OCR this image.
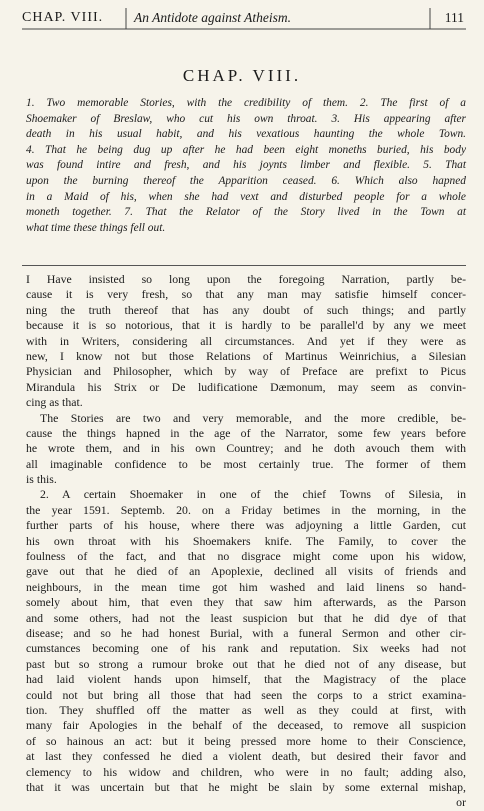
CHAP. VIII. An Antidote against Atheism.	111
CHAP. VIII.
1. Two memorable Stories, with the credibility of them. 2. The first of a
Shoemaker of Breslaw, who cut his own throat. 3. His appearing after
death in his usual habit, and his vexatious haunting the whole Town.
4. That he being dug up after he had been eight moneths buried, his body
was found intire and fresh, and his joynts limber and flexible. 5. That
upon the burning thereof the Apparition ceased. 6. Which also hapned
in a Maid of his, when she had vext and disturbed people for a whole
moneth together. 7. That the Relator of the Story lived in the Town at
what time these things fell out.
I Have insisted so long upon the foregoing Narration, partly be-
cause it is very fresh, so that any man may satisfie himself concer-
ning the truth thereof that has any doubt of such things; and partly
because it is so notorious, that it is hardly to be parallel'd by any we meet
with in Writers, considering all circumstances. And yet if they were as
new, I know not but those Relations of Martinus Weinrichius, a Silesian
Physician and Philosopher, which by way of Preface are prefixt to Picus
Mirandula his Strix or De ludificatione Dæmonum, may seem as convin-
cing as that.
The Stories are two and very memorable, and the more credible, be-
cause the things hapned in the age of the Narrator, some few years before
he wrote them, and in his own Countrey; and he doth avouch them with
all imaginable confidence to be most certainly true. The former of them
is this.
2. A certain Shoemaker in one of the chief Towns of Silesia, in
the year 1591. Septemb. 20. on a Friday betimes in the morning, in the
further parts of his house, where there was adjoyning a little Garden, cut
his own throat with his Shoemakers knife. The Family, to cover the
foulness of the fact, and that no disgrace might come upon his widow,
gave out that he died of an Apoplexie, declined all visits of friends and
neighbours, in the mean time got him washed and laid linens so hand-
somely about him, that even they that saw him afterwards, as the Parson
and some others, had not the least suspicion but that he did dye of that
disease; and so he had honest Burial, with a funeral Sermon and other cir-
cumstances becoming one of his rank and reputation. Six weeks had not
past but so strong a rumour broke out that he died not of any disease, but
had laid violent hands upon himself, that the Magistracy of the place
could not but bring all those that had seen the corps to a strict examina-
tion. They shuffled off the matter as well as they could at first, with
many fair Apologies in the behalf of the deceased, to remove all suspicion
of so hainous an act: but it being pressed more home to their Conscience,
at last they confessed he died a violent death, but desired their favor and
clemency to his widow and children, who were in no fault; adding also,
that it was uncertain but that he might be slain by some external mishap,
or
